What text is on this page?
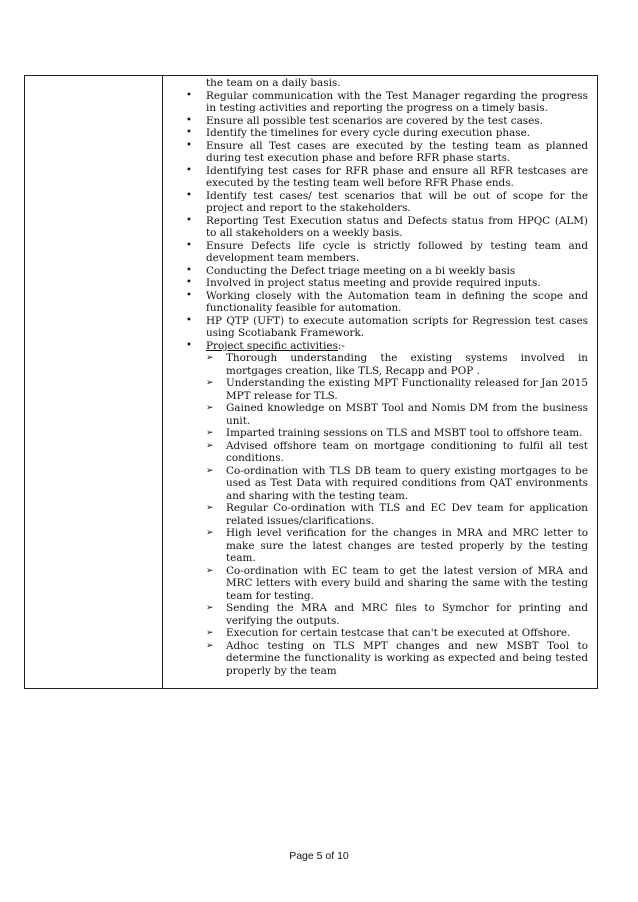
the team on a daily basis.
• Regular communication with the Test Manager regarding the progress in testing activities and reporting the progress on a timely basis.
• Ensure all possible test scenarios are covered by the test cases.
• Identify the timelines for every cycle during execution phase.
• Ensure all Test cases are executed by the testing team as planned during test execution phase and before RFR phase starts.
• Identifying test cases for RFR phase and ensure all RFR testcases are executed by the testing team well before RFR Phase ends.
• Identify test cases/ test scenarios that will be out of scope for the project and report to the stakeholders.
• Reporting Test Execution status and Defects status from HPQC (ALM) to all stakeholders on a weekly basis.
• Ensure Defects life cycle is strictly followed by testing team and development team members.
• Conducting the Defect triage meeting on a bi weekly basis
• Involved in project status meeting and provide required inputs.
• Working closely with the Automation team in defining the scope and functionality feasible for automation.
• HP QTP (UFT) to execute automation scripts for Regression test cases using Scotiabank Framework.
• Project specific activities:-
➢ Thorough understanding the existing systems involved in mortgages creation, like TLS, Recapp and POP .
➢ Understanding the existing MPT Functionality released for Jan 2015 MPT release for TLS.
➢ Gained knowledge on MSBT Tool and Nomis DM from the business unit.
➢ Imparted training sessions on TLS and MSBT tool to offshore team.
➢ Advised offshore team on mortgage conditioning to fulfil all test conditions.
➢ Co-ordination with TLS DB team to query existing mortgages to be used as Test Data with required conditions from QAT environments and sharing with the testing team.
➢ Regular Co-ordination with TLS and EC Dev team for application related issues/clarifications.
➢ High level verification for the changes in MRA and MRC letter to make sure the latest changes are tested properly by the testing team.
➢ Co-ordination with EC team to get the latest version of MRA and MRC letters with every build and sharing the same with the testing team for testing.
➢ Sending the MRA and MRC files to Symchor for printing and verifying the outputs.
➢ Execution for certain testcase that can't be executed at Offshore.
➢ Adhoc testing on TLS MPT changes and new MSBT Tool to determine the functionality is working as expected and being tested properly by the team
Page 5 of 10
